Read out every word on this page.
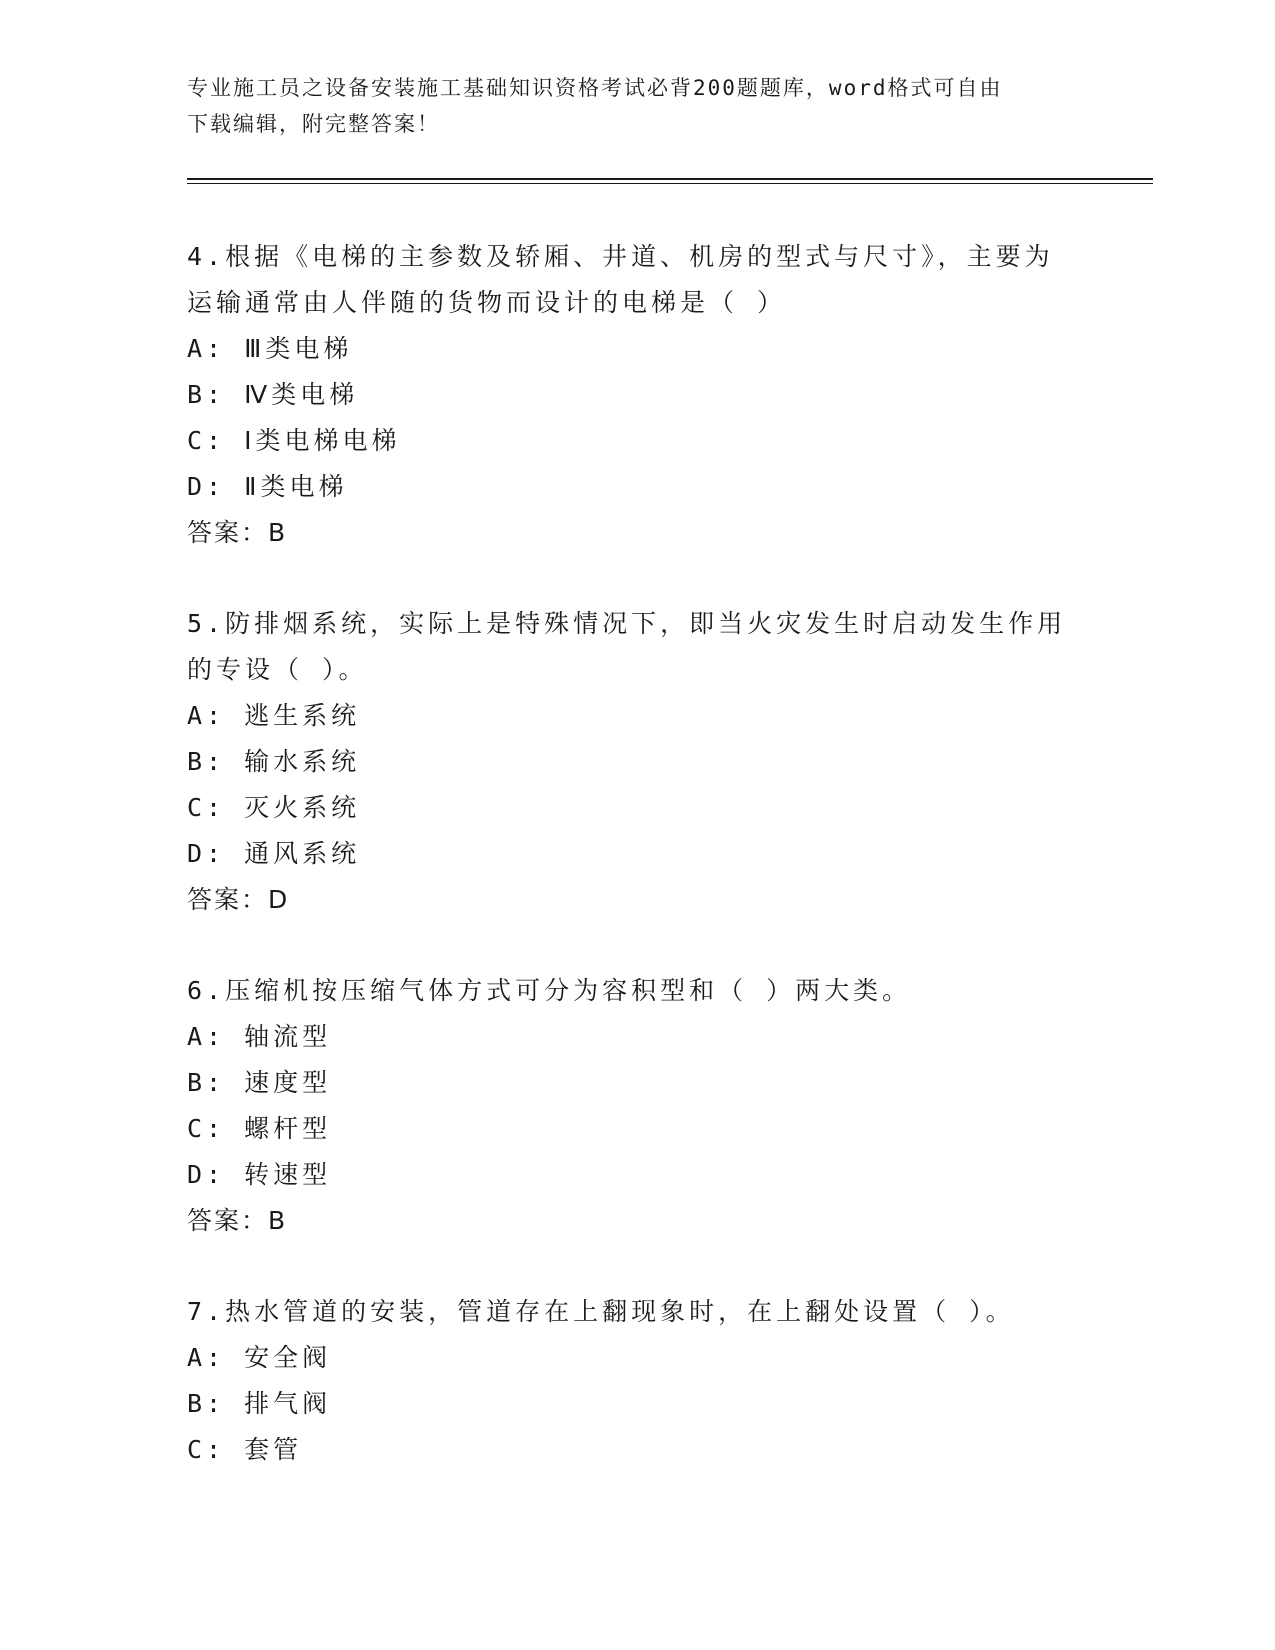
专业施工员之设备安装施工基础知识资格考试必背200题题库，word格式可自由
下载编辑，附完整答案！
4.根据《电梯的主参数及轿厢、井道、机房的型式与尺寸》，主要为
运输通常由人伴随的货物而设计的电梯是（ ）
A: Ⅲ类电梯
B: Ⅳ类电梯
C: Ⅰ类电梯电梯
D: Ⅱ类电梯
答案：B
5.防排烟系统，实际上是特殊情况下，即当火灾发生时启动发生作用
的专设（ ）。
A: 逃生系统
B: 输水系统
C: 灭火系统
D: 通风系统
答案：D
6.压缩机按压缩气体方式可分为容积型和（ ）两大类。
A: 轴流型
B: 速度型
C: 螺杆型
D: 转速型
答案：B
7.热水管道的安装，管道存在上翻现象时，在上翻处设置（ ）。
A: 安全阀
B: 排气阀
C: 套管
